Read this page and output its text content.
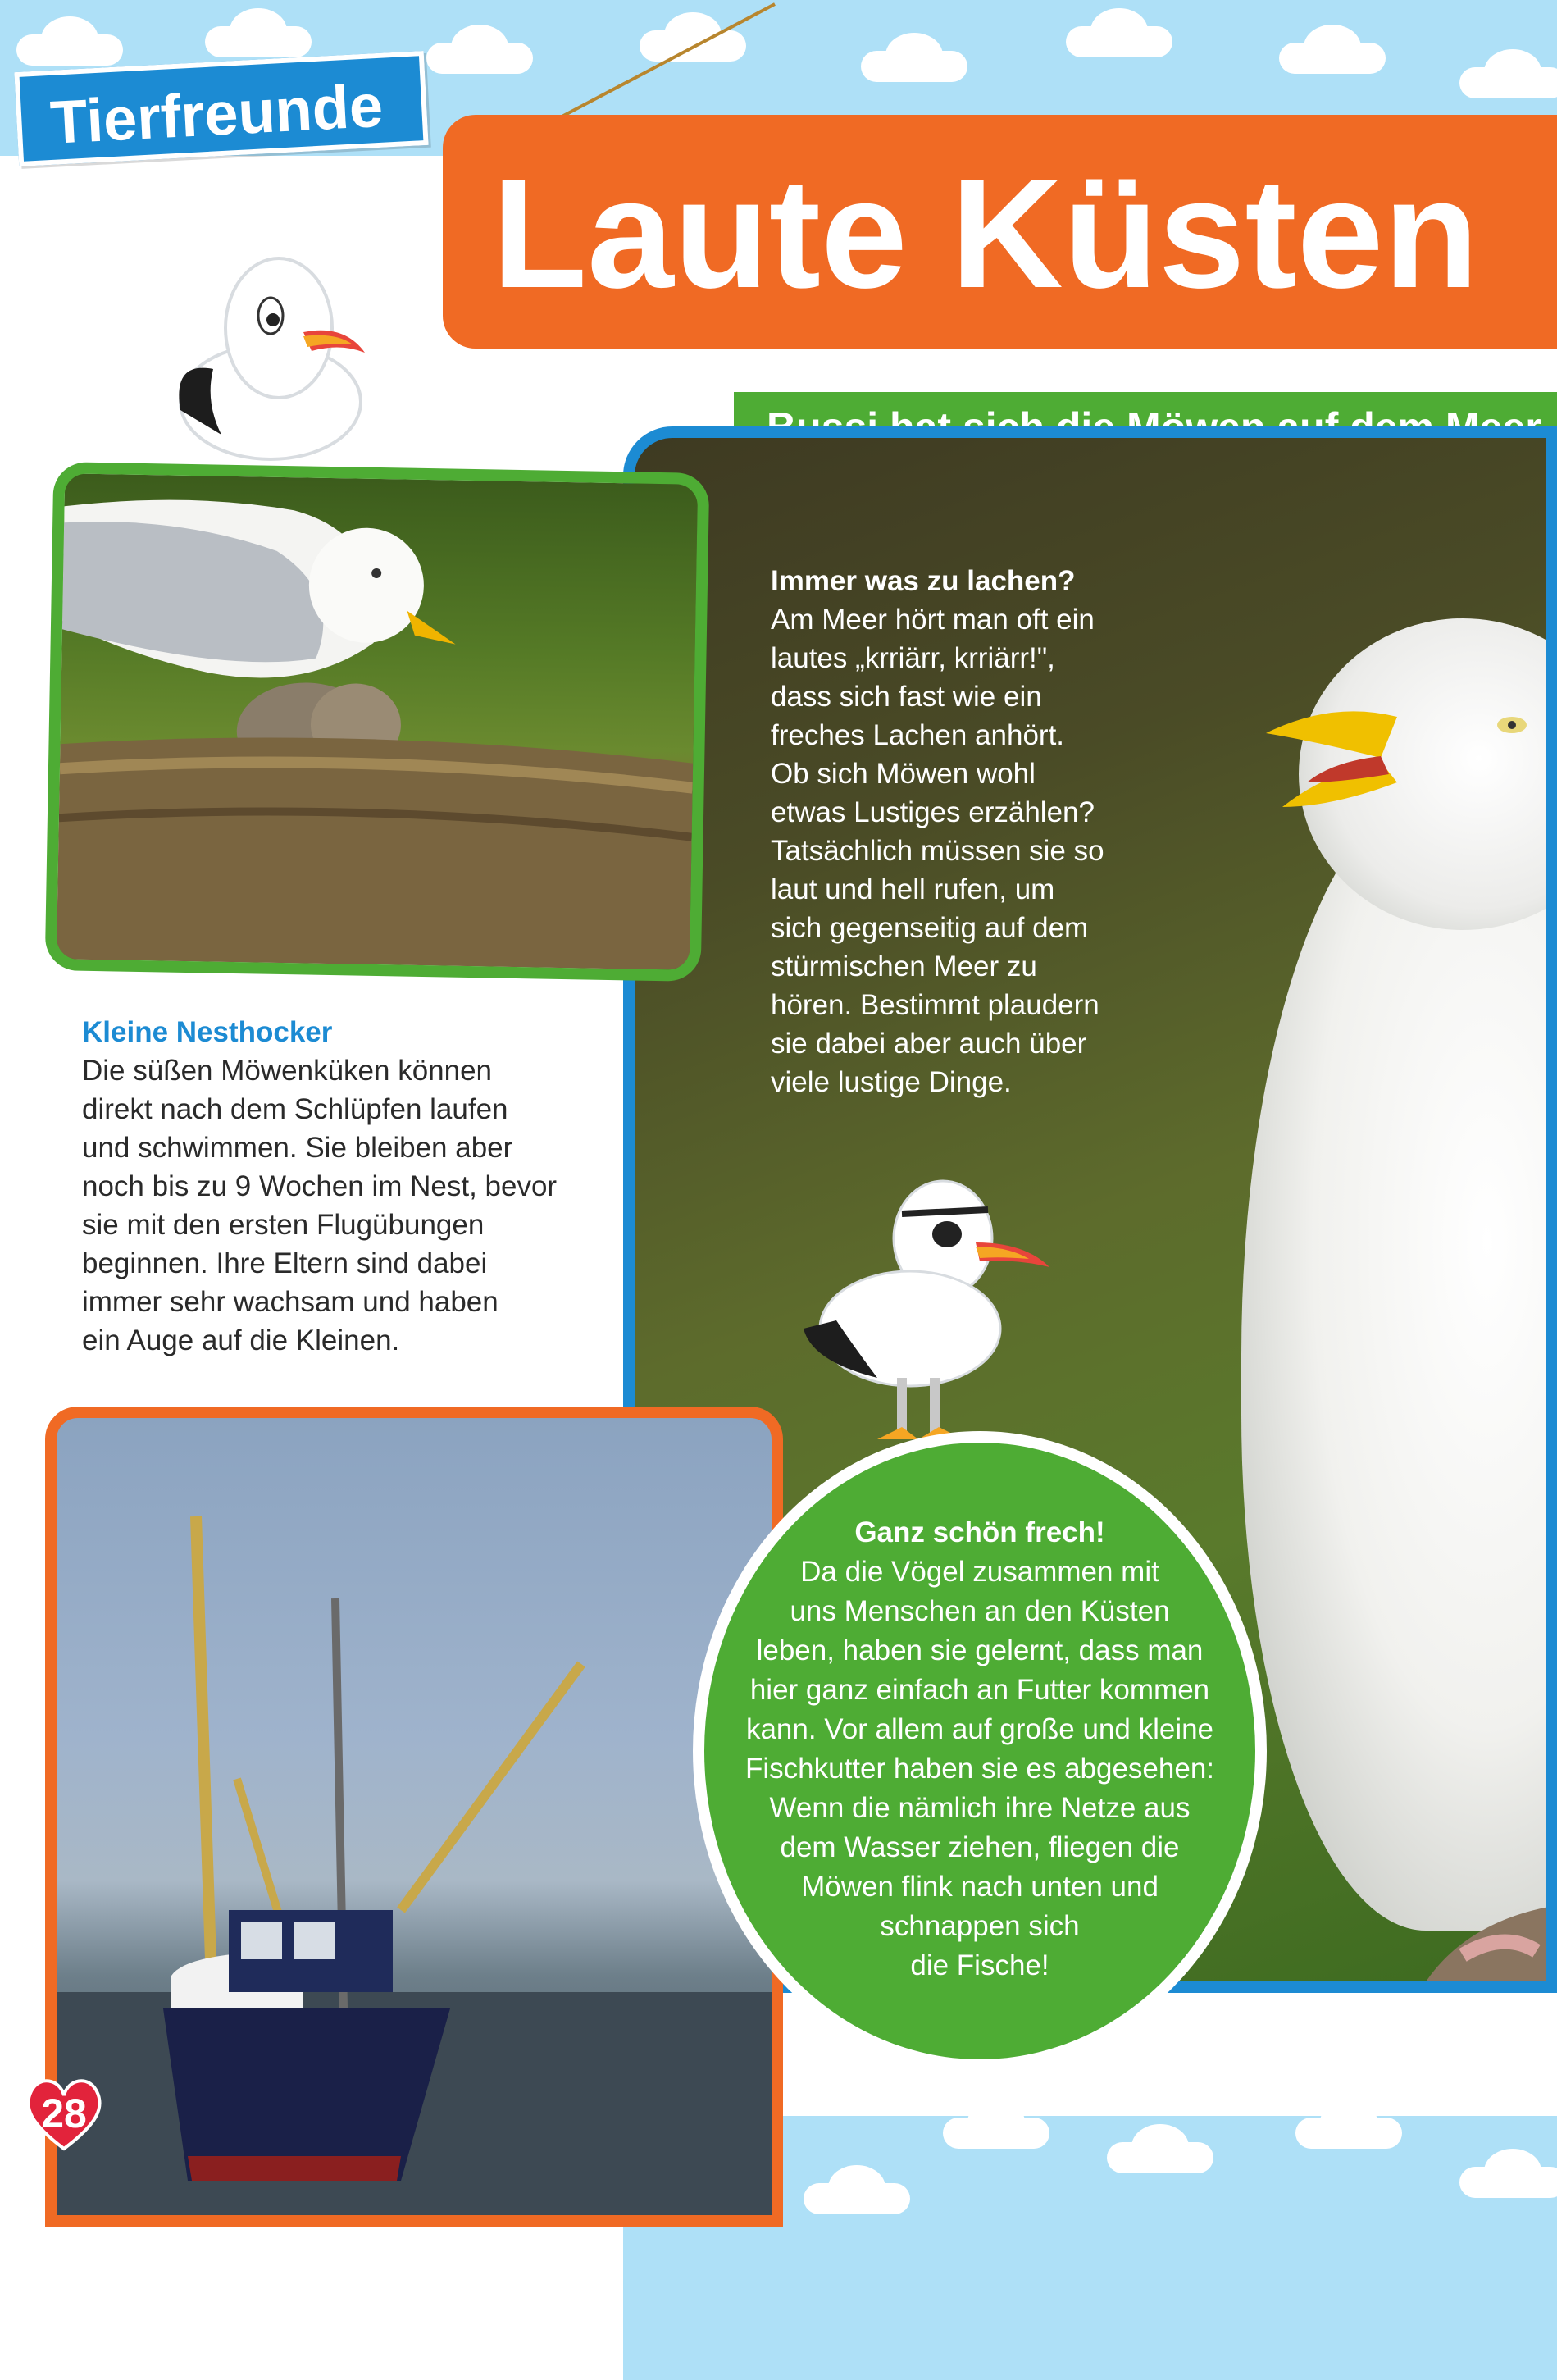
Tierfreunde
Laute Küsten
Immer was zu lachen?
Am Meer hört man oft ein
lautes „krriärr, krriärr!",
dass sich fast wie ein
freches Lachen anhört.
Ob sich Möwen wohl
etwas Lustiges erzählen?
Tatsächlich müssen sie so
laut und hell rufen, um
sich gegenseitig auf dem
stürmischen Meer zu
hören. Bestimmt plaudern
sie dabei aber auch über
viele lustige Dinge.
Kleine Nesthocker
Die süßen Möwenküken können
direkt nach dem Schlüpfen laufen
und schwimmen. Sie bleiben aber
noch bis zu 9 Wochen im Nest, bevor
sie mit den ersten Flugübungen
beginnen. Ihre Eltern sind dabei
immer sehr wachsam und haben
ein Auge auf die Kleinen.
Ganz schön frech!
Da die Vögel zusammen mit
uns Menschen an den Küsten
leben, haben sie gelernt, dass man
hier ganz einfach an Futter kommen
kann. Vor allem auf große und kleine
Fischkutter haben sie es abgesehen:
Wenn die nämlich ihre Netze aus
dem Wasser ziehen, fliegen die
Möwen flink nach unten und
schnappen sich
die Fische!
28
